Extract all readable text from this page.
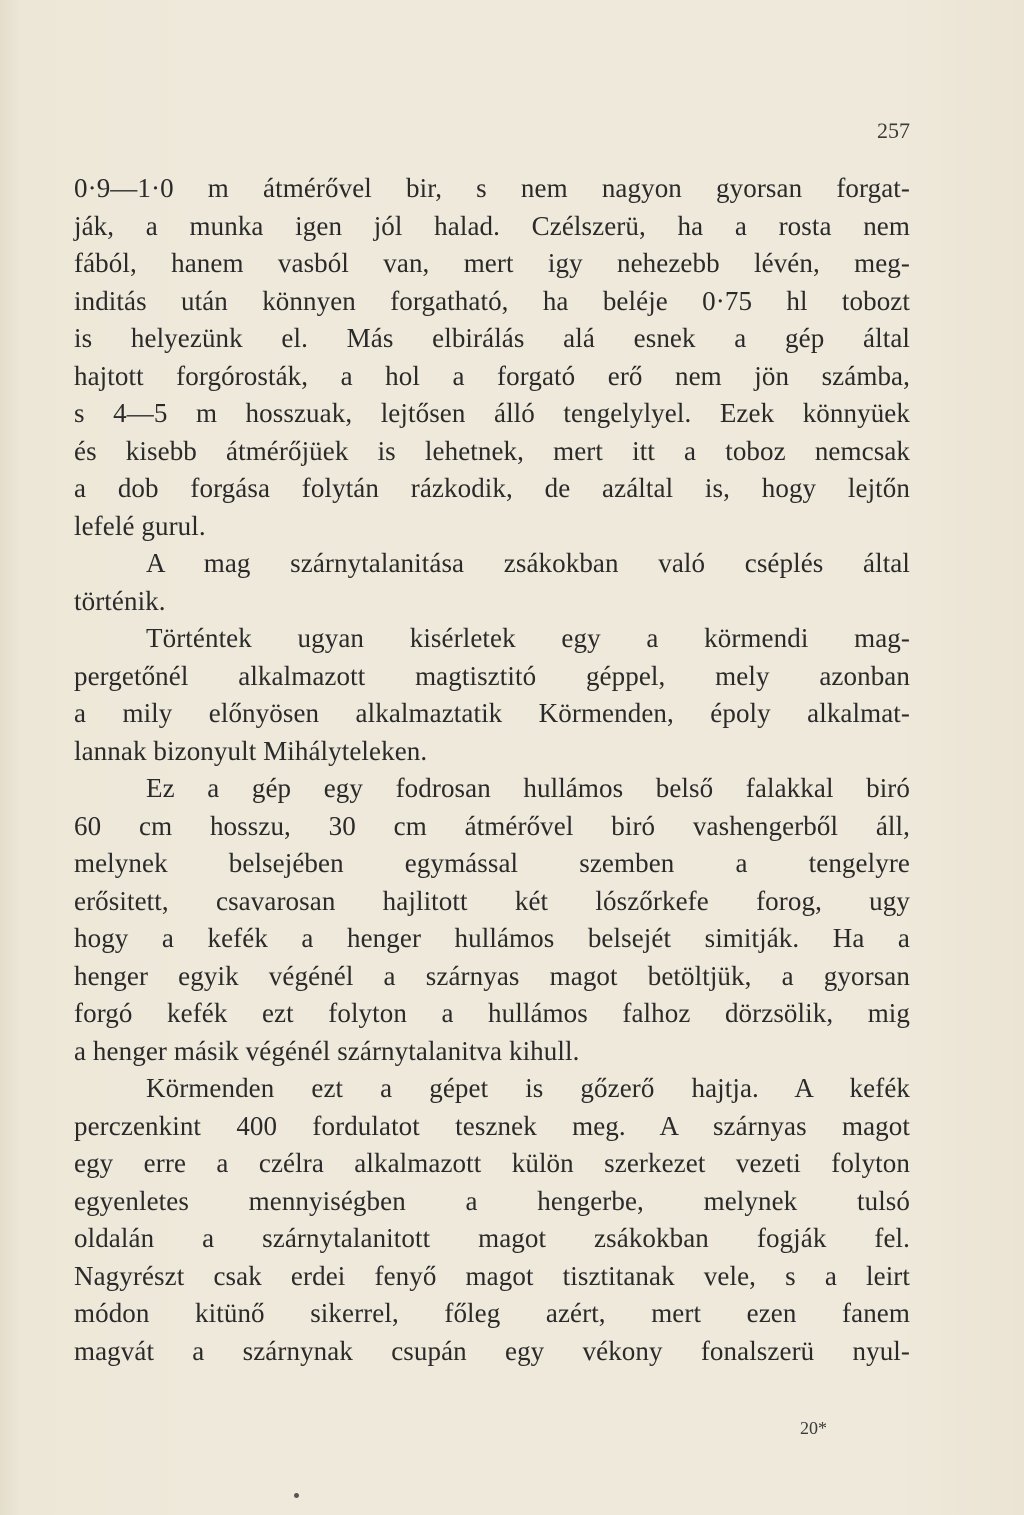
257
0·9—1·0 m átmérővel bir, s nem nagyon gyorsan forgat-
ják, a munka igen jól halad. Czélszerü, ha a rosta nem
fából, hanem vasból van, mert igy nehezebb lévén, meg-
inditás után könnyen forgatható, ha beléje 0·75 hl tobozt
is helyezünk el. Más elbirálás alá esnek a gép által
hajtott forgórosták, a hol a forgató erő nem jön számba,
s 4—5 m hosszuak, lejtősen álló tengelylyel. Ezek könnyüek
és kisebb átmérőjüek is lehetnek, mert itt a toboz nemcsak
a dob forgása folytán rázkodik, de azáltal is, hogy lejtőn
lefelé gurul.
A mag szárnytalanitása zsákokban való cséplés által
történik.
Történtek ugyan kisérletek egy a körmendi mag-
pergetőnél alkalmazott magtisztitó géppel, mely azonban
a mily előnyösen alkalmaztatik Körmenden, époly alkalmat-
lannak bizonyult Mihályteleken.
Ez a gép egy fodrosan hullámos belső falakkal biró
60 cm hosszu, 30 cm átmérővel biró vashengerből áll,
melynek belsejében egymással szemben a tengelyre
erősitett, csavarosan hajlitott két lószőrkefe forog, ugy
hogy a kefék a henger hullámos belsejét simitják. Ha a
henger egyik végénél a szárnyas magot betöltjük, a gyorsan
forgó kefék ezt folyton a hullámos falhoz dörzsölik, mig
a henger másik végénél szárnytalanitva kihull.
Körmenden ezt a gépet is gőzerő hajtja. A kefék
perczenkint 400 fordulatot tesznek meg. A szárnyas magot
egy erre a czélra alkalmazott külön szerkezet vezeti folyton
egyenletes mennyiségben a hengerbe, melynek tulsó
oldalán a szárnytalanitott magot zsákokban fogják fel.
Nagyrészt csak erdei fenyő magot tisztitanak vele, s a leirt
módon kitünő sikerrel, főleg azért, mert ezen fanem
magvát a szárnynak csupán egy vékony fonalszerü nyul-
20*
